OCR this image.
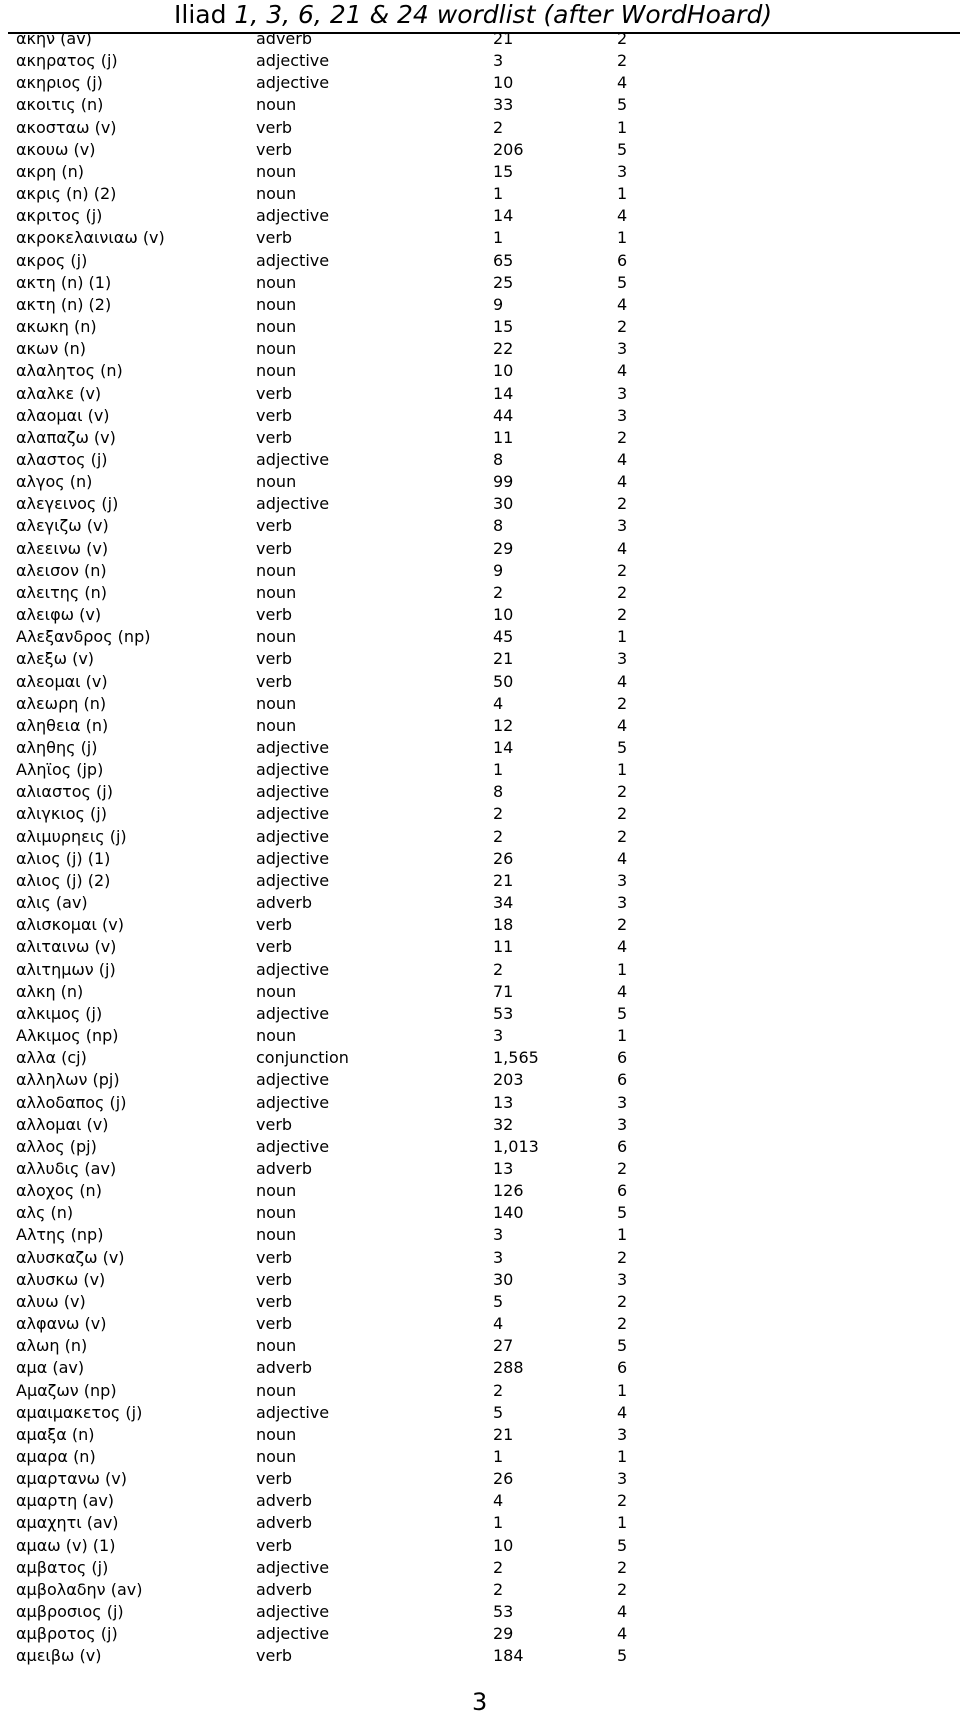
Iliad 1, 3, 6, 21 & 24 wordlist (after WordHoard)
ακην (av)	adverb	21	2
ακηρατος (j)	adjective	3	2
ακηριος (j)	adjective	10	4
ακοιτις (n)	noun	33	5
ακοσταω (v)	verb	2	1
ακουω (v)	verb	206	5
ακρη (n)	noun	15	3
ακρις (n) (2)	noun	1	1
ακριτος (j)	adjective	14	4
ακροκελαινιαω (v)	verb	1	1
ακρος (j)	adjective	65	6
ακτη (n) (1)	noun	25	5
ακτη (n) (2)	noun	9	4
ακωκη (n)	noun	15	2
ακων (n)	noun	22	3
αλαλητος (n)	noun	10	4
αλαλκε (v)	verb	14	3
αλαομαι (v)	verb	44	3
αλαπαζω (v)	verb	11	2
αλαστος (j)	adjective	8	4
αλγος (n)	noun	99	4
αλεγεινος (j)	adjective	30	2
αλεγιζω (v)	verb	8	3
αλεεινω (v)	verb	29	4
αλεισον (n)	noun	9	2
αλειτης (n)	noun	2	2
αλειφω (v)	verb	10	2
Αλεξανδρος (np)	noun	45	1
αλεξω (v)	verb	21	3
αλεομαι (v)	verb	50	4
αλεωρη (n)	noun	4	2
αληθεια (n)	noun	12	4
αληθης (j)	adjective	14	5
Αληϊος (jp)	adjective	1	1
αλιαστος (j)	adjective	8	2
αλιγκιος (j)	adjective	2	2
αλιμυρηεις (j)	adjective	2	2
αλιος (j) (1)	adjective	26	4
αλιος (j) (2)	adjective	21	3
αλις (av)	adverb	34	3
αλισκομαι (v)	verb	18	2
αλιταινω (v)	verb	11	4
αλιτημων (j)	adjective	2	1
αλκη (n)	noun	71	4
αλκιμος (j)	adjective	53	5
Αλκιμος (np)	noun	3	1
αλλα (cj)	conjunction	1,565	6
αλληλων (pj)	adjective	203	6
αλλοδαπος (j)	adjective	13	3
αλλομαι (v)	verb	32	3
αλλος (pj)	adjective	1,013	6
αλλυδις (av)	adverb	13	2
αλοχος (n)	noun	126	6
αλς (n)	noun	140	5
Αλτης (np)	noun	3	1
αλυσκαζω (v)	verb	3	2
αλυσκω (v)	verb	30	3
αλυω (v)	verb	5	2
αλφανω (v)	verb	4	2
αλωη (n)	noun	27	5
αμα (av)	adverb	288	6
Αμαζων (np)	noun	2	1
αμαιμακετος (j)	adjective	5	4
αμαξα (n)	noun	21	3
αμαρα (n)	noun	1	1
αμαρτανω (v)	verb	26	3
αμαρτη (av)	adverb	4	2
αμαχητι (av)	adverb	1	1
αμαω (v) (1)	verb	10	5
αμβατος (j)	adjective	2	2
αμβολαδην (av)	adverb	2	2
αμβροσιος (j)	adjective	53	4
αμβροτος (j)	adjective	29	4
αμειβω (v)	verb	184	5
3
